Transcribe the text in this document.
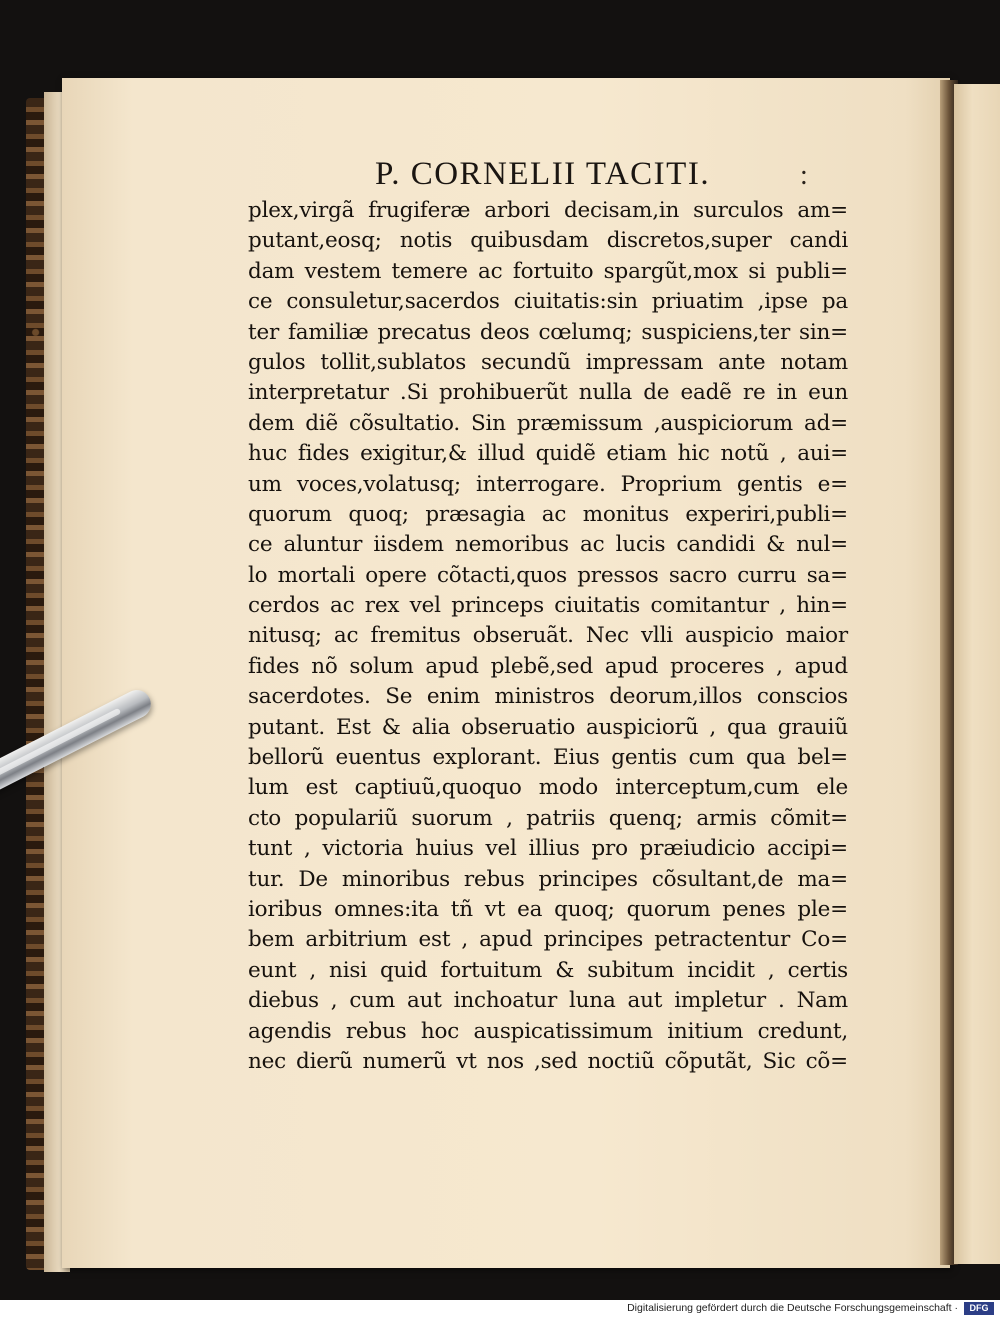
P. CORNELII TACITI.	:
plex,virgã frugiferæ arbori decisam,in surculos am=
putant,eosq; notis quibusdam discretos,super candi
dam vestem temere ac fortuito spargũt,mox si publi=
ce consuletur,sacerdos ciuitatis:sin priuatim ,ipse pa
ter familiæ precatus deos cœlumq; suspiciens,ter sin=
gulos tollit,sublatos secundũ impressam ante notam
interpretatur .Si prohibuerũt nulla de eadẽ re in eun
dem diẽ cõsultatio. Sin præmissum ,auspiciorum ad=
huc fides exigitur,& illud quidẽ etiam hic notũ , aui=
um voces,volatusq; interrogare. Proprium gentis e=
quorum quoq; præsagia ac monitus experiri,publi=
ce aluntur iisdem nemoribus ac lucis candidi & nul=
lo mortali opere cõtacti,quos pressos sacro curru sa=
cerdos ac rex vel princeps ciuitatis comitantur , hin=
nitusq; ac fremitus obseruãt. Nec vlli auspicio maior
fides nõ solum apud plebẽ,sed apud proceres , apud
sacerdotes. Se enim ministros deorum,illos conscios
putant. Est & alia obseruatio auspiciorũ , qua grauiũ
bellorũ euentus explorant. Eius gentis cum qua bel=
lum est captiuũ,quoquo modo interceptum,cum ele
cto populariũ suorum , patriis quenq; armis cõmit=
tunt , victoria huius vel illius pro præiudicio accipi=
tur. De minoribus rebus principes cõsultant,de ma=
ioribus omnes:ita tñ vt ea quoq; quorum penes ple=
bem arbitrium est , apud principes petractentur Co=
eunt , nisi quid fortuitum & subitum incidit , certis
diebus , cum aut inchoatur luna aut impletur . Nam
agendis rebus hoc auspicatissimum initium credunt,
nec dierũ numerũ vt nos ,sed noctiũ cõputãt, Sic cõ=
Digitalisierung gefördert durch die Deutsche Forschungsgemeinschaft ·	DFG
